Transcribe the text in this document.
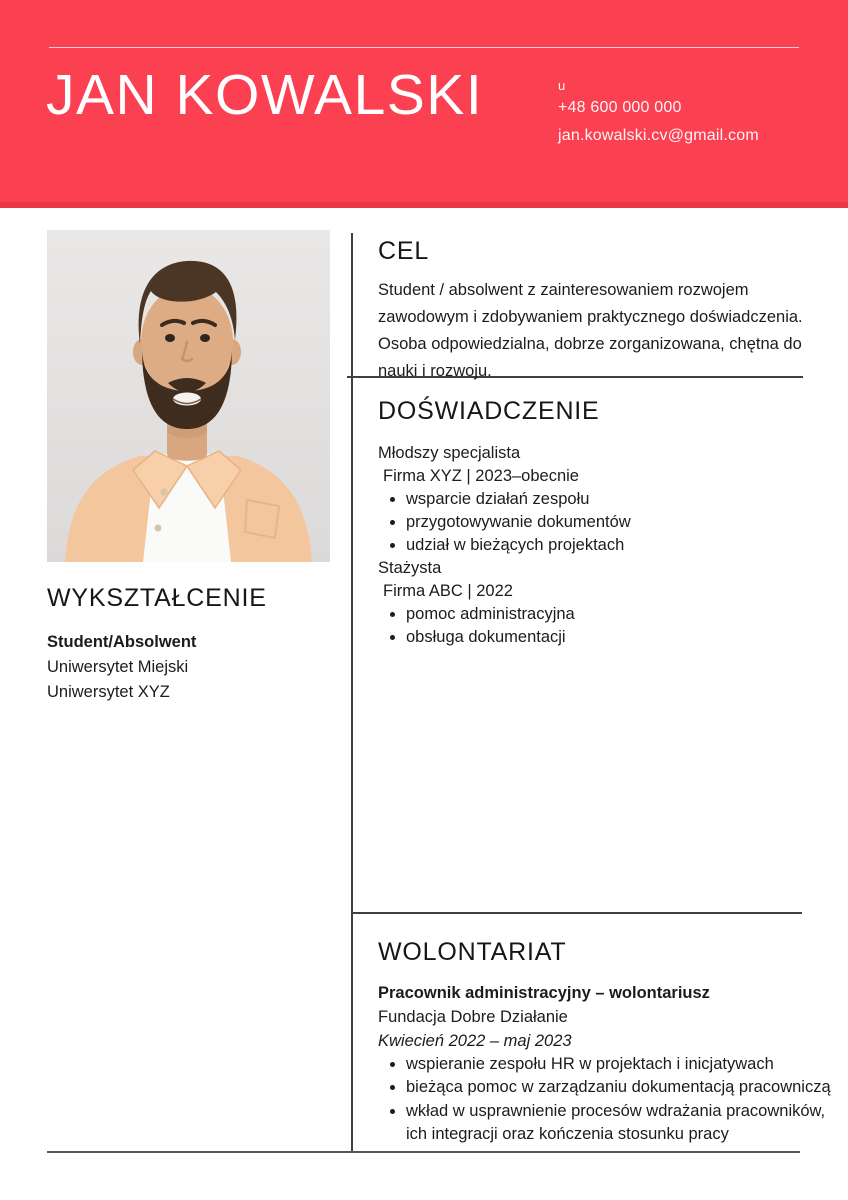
JAN KOWALSKI	u
+48 600 000 000
jan.kowalski.cv@gmail.com
WYKSZTAŁCENIE

Student/Absolwent

Uniwersytet Miejski

Uniwersytet XYZ

CEL

Student / absolwent z zainteresowaniem rozwojem zawodowym i zdobywaniem praktycznego doświadczenia. Osoba odpowiedzialna, dobrze zorganizowana, chętna do nauki i rozwoju.

DOŚWIADCZENIE

Młodszy specjalista

Firma XYZ | 2023–obecnie

• wsparcie działań zespołu
• przygotowywanie dokumentów
• udział w bieżących projektach

Stażysta

Firma ABC | 2022

• pomoc administracyjna
• obsługa dokumentacji
WOLONTARIAT

Pracownik administracyjny – wolontariusz

Fundacja Dobre Działanie

Kwiecień 2022 – maj 2023

• wspieranie zespołu HR w projektach i inicjatywach
• bieżąca pomoc w zarządzaniu dokumentacją pracowniczą
• wkład w usprawnienie procesów wdrażania pracowników, ich integracji oraz kończenia stosunku pracy
